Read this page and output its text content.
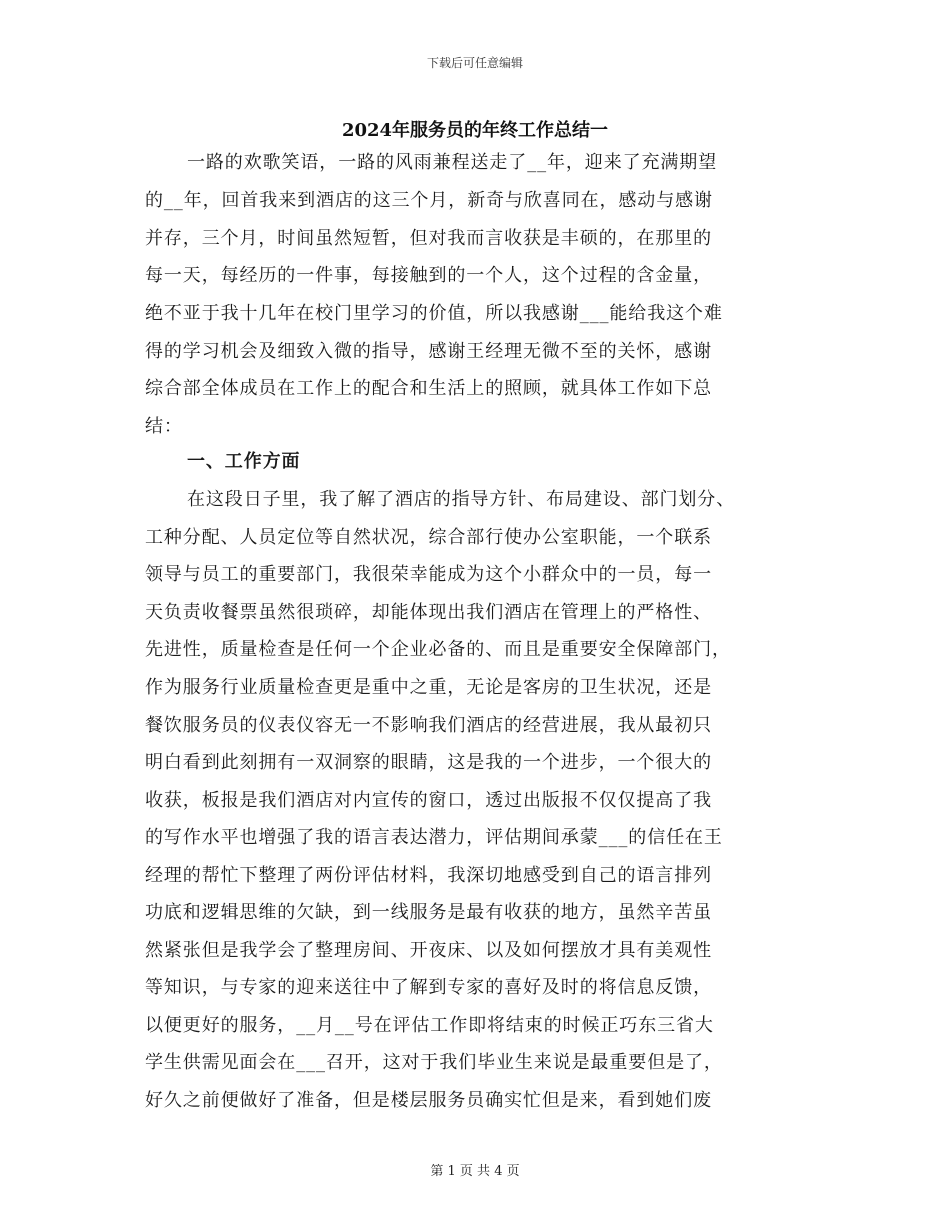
下载后可任意编辑
2024年服务员的年终工作总结一
一路的欢歌笑语，一路的风雨兼程送走了__年，迎来了充满期望
的__年，回首我来到酒店的这三个月，新奇与欣喜同在，感动与感谢
并存，三个月，时间虽然短暂，但对我而言收获是丰硕的，在那里的
每一天，每经历的一件事，每接触到的一个人，这个过程的含金量，
绝不亚于我十几年在校门里学习的价值，所以我感谢___能给我这个难
得的学习机会及细致入微的指导，感谢王经理无微不至的关怀，感谢
综合部全体成员在工作上的配合和生活上的照顾，就具体工作如下总
结：
一、工作方面
在这段日子里，我了解了酒店的指导方针、布局建设、部门划分、
工种分配、人员定位等自然状况，综合部行使办公室职能，一个联系
领导与员工的重要部门，我很荣幸能成为这个小群众中的一员，每一
天负责收餐票虽然很琐碎，却能体现出我们酒店在管理上的严格性、
先进性，质量检查是任何一个企业必备的、而且是重要安全保障部门，
作为服务行业质量检查更是重中之重，无论是客房的卫生状况，还是
餐饮服务员的仪表仪容无一不影响我们酒店的经营进展，我从最初只
明白看到此刻拥有一双洞察的眼睛，这是我的一个进步，一个很大的
收获，板报是我们酒店对内宣传的窗口，透过出版报不仅仅提高了我
的写作水平也增强了我的语言表达潜力，评估期间承蒙___的信任在王
经理的帮忙下整理了两份评估材料，我深切地感受到自己的语言排列
功底和逻辑思维的欠缺，到一线服务是最有收获的地方，虽然辛苦虽
然紧张但是我学会了整理房间、开夜床、以及如何摆放才具有美观性
等知识，与专家的迎来送往中了解到专家的喜好及时的将信息反馈，
以便更好的服务，__月__号在评估工作即将结束的时候正巧东三省大
学生供需见面会在___召开，这对于我们毕业生来说是最重要但是了，
好久之前便做好了准备，但是楼层服务员确实忙但是来，看到她们废
第 1 页 共 4 页
